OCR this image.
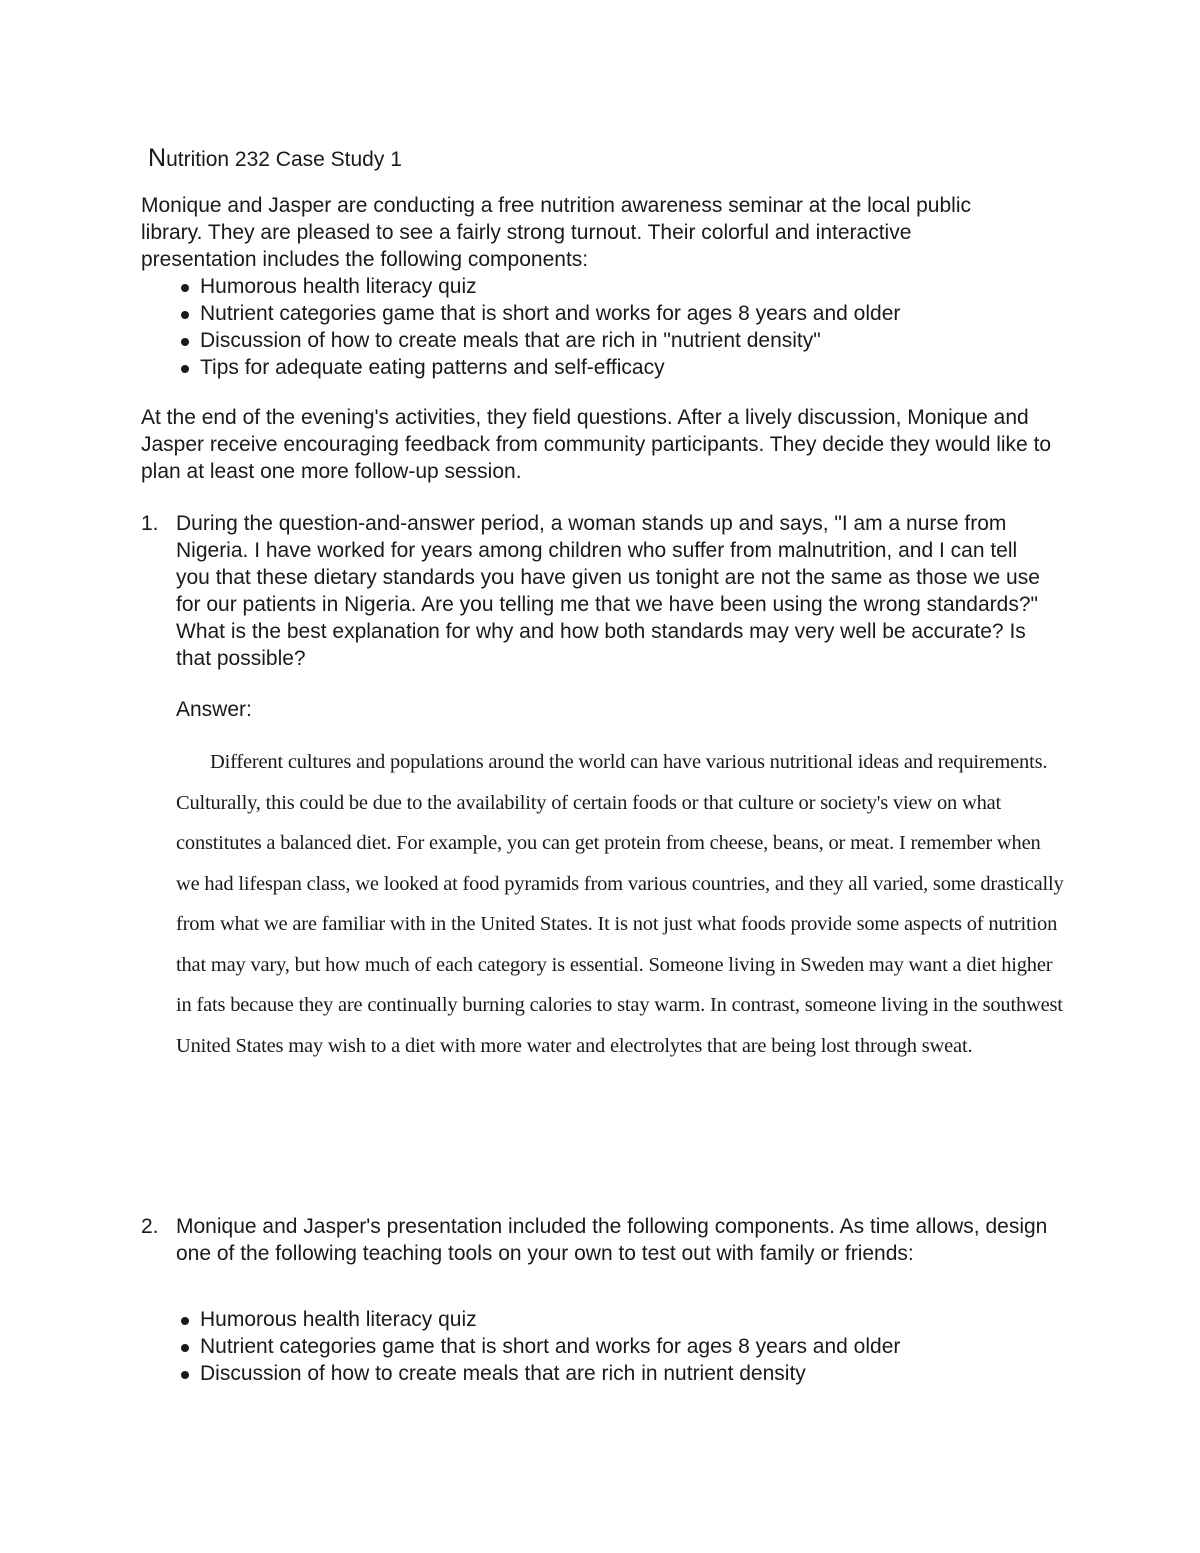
Nutrition 232 Case Study 1

Monique and Jasper are conducting a free nutrition awareness seminar at the local public library. They are pleased to see a fairly strong turnout. Their colorful and interactive presentation includes the following components:

Humorous health literacy quiz
Nutrient categories game that is short and works for ages 8 years and older
Discussion of how to create meals that are rich in "nutrient density"
Tips for adequate eating patterns and self-efficacy

At the end of the evening's activities, they field questions. After a lively discussion, Monique and Jasper receive encouraging feedback from community participants. They decide they would like to plan at least one more follow-up session.

1. During the question-and-answer period, a woman stands up and says, "I am a nurse from Nigeria. I have worked for years among children who suffer from malnutrition, and I can tell you that these dietary standards you have given us tonight are not the same as those we use for our patients in Nigeria. Are you telling me that we have been using the wrong standards?" What is the best explanation for why and how both standards may very well be accurate? Is that possible?

Answer:

Different cultures and populations around the world can have various nutritional ideas and requirements. Culturally, this could be due to the availability of certain foods or that culture or society's view on what constitutes a balanced diet. For example, you can get protein from cheese, beans, or meat. I remember when we had lifespan class, we looked at food pyramids from various countries, and they all varied, some drastically from what we are familiar with in the United States. It is not just what foods provide some aspects of nutrition that may vary, but how much of each category is essential. Someone living in Sweden may want a diet higher in fats because they are continually burning calories to stay warm. In contrast, someone living in the southwest United States may wish to a diet with more water and electrolytes that are being lost through sweat.

2. Monique and Jasper's presentation included the following components. As time allows, design one of the following teaching tools on your own to test out with family or friends:

Humorous health literacy quiz
Nutrient categories game that is short and works for ages 8 years and older
Discussion of how to create meals that are rich in nutrient density
